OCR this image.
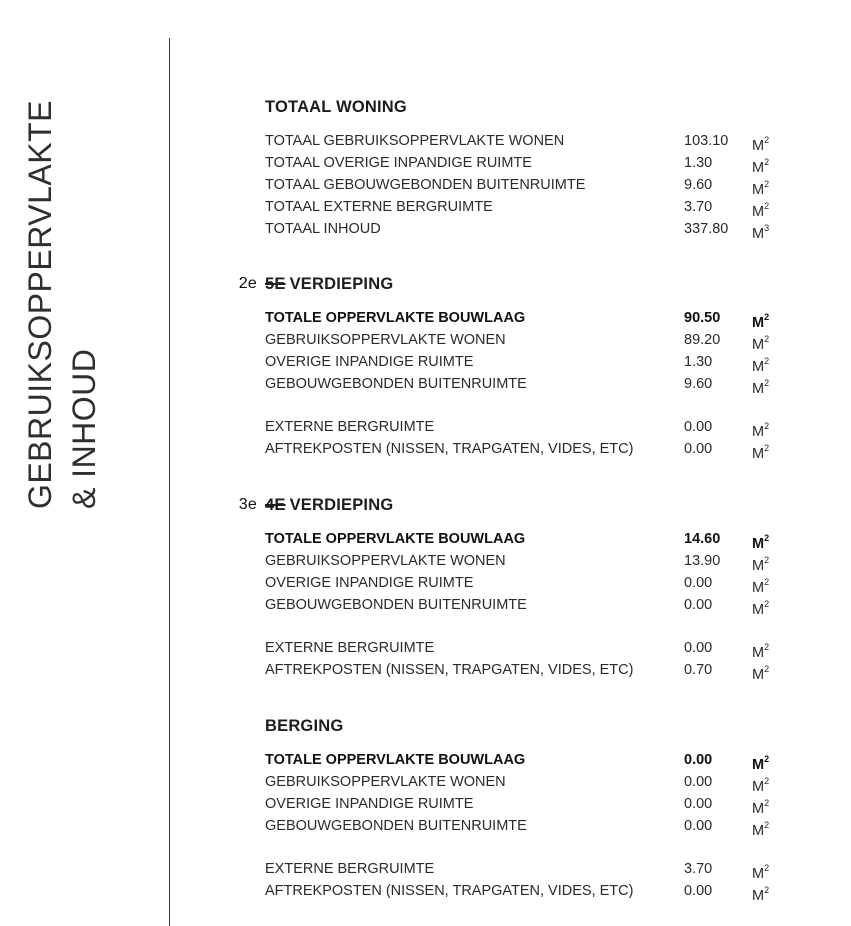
GEBRUIKSOPPERVLAKTE & INHOUD
TOTAAL WONING
TOTAAL GEBRUIKSOPPERVLAKTE WONEN	103.10 $M^2$
TOTAAL OVERIGE INPANDIGE RUIMTE	1.30	$M^2$
TOTAAL GEBOUWGEBONDEN BUITENRUIMTE	9.60	$M^2$
TOTAAL EXTERNE BERGRUIMTE	3.70	$M^2$
TOTAAL INHOUD	337.80 $M^3$
2e 5E VERDIEPING
TOTALE OPPERVLAKTE BOUWLAAG	90.50 $M^2$
GEBRUIKSOPPERVLAKTE WONEN	89.20 $M^2$
OVERIGE INPANDIGE RUIMTE	1.30	$M^2$
GEBOUWGEBONDEN BUITENRUIMTE	9.60	$M^2$
EXTERNE BERGRUIMTE	0.00	$M^2$
AFTREKPOSTEN (NISSEN, TRAPGATEN, VIDES, ETC)	0.00	$M^2$
3e 4E VERDIEPING
TOTALE OPPERVLAKTE BOUWLAAG	14.60 $M^2$
GEBRUIKSOPPERVLAKTE WONEN	13.90 $M^2$
OVERIGE INPANDIGE RUIMTE	0.00	$M^2$
GEBOUWGEBONDEN BUITENRUIMTE	0.00	$M^2$
EXTERNE BERGRUIMTE	0.00	$M^2$
AFTREKPOSTEN (NISSEN, TRAPGATEN, VIDES, ETC)	0.70	$M^2$
BERGING
TOTALE OPPERVLAKTE BOUWLAAG	0.00	$M^2$
GEBRUIKSOPPERVLAKTE WONEN	0.00	$M^2$
OVERIGE INPANDIGE RUIMTE	0.00	$M^2$
GEBOUWGEBONDEN BUITENRUIMTE	0.00	$M^2$
EXTERNE BERGRUIMTE	3.70	$M^2$
AFTREKPOSTEN (NISSEN, TRAPGATEN, VIDES, ETC)	0.00	$M^2$
